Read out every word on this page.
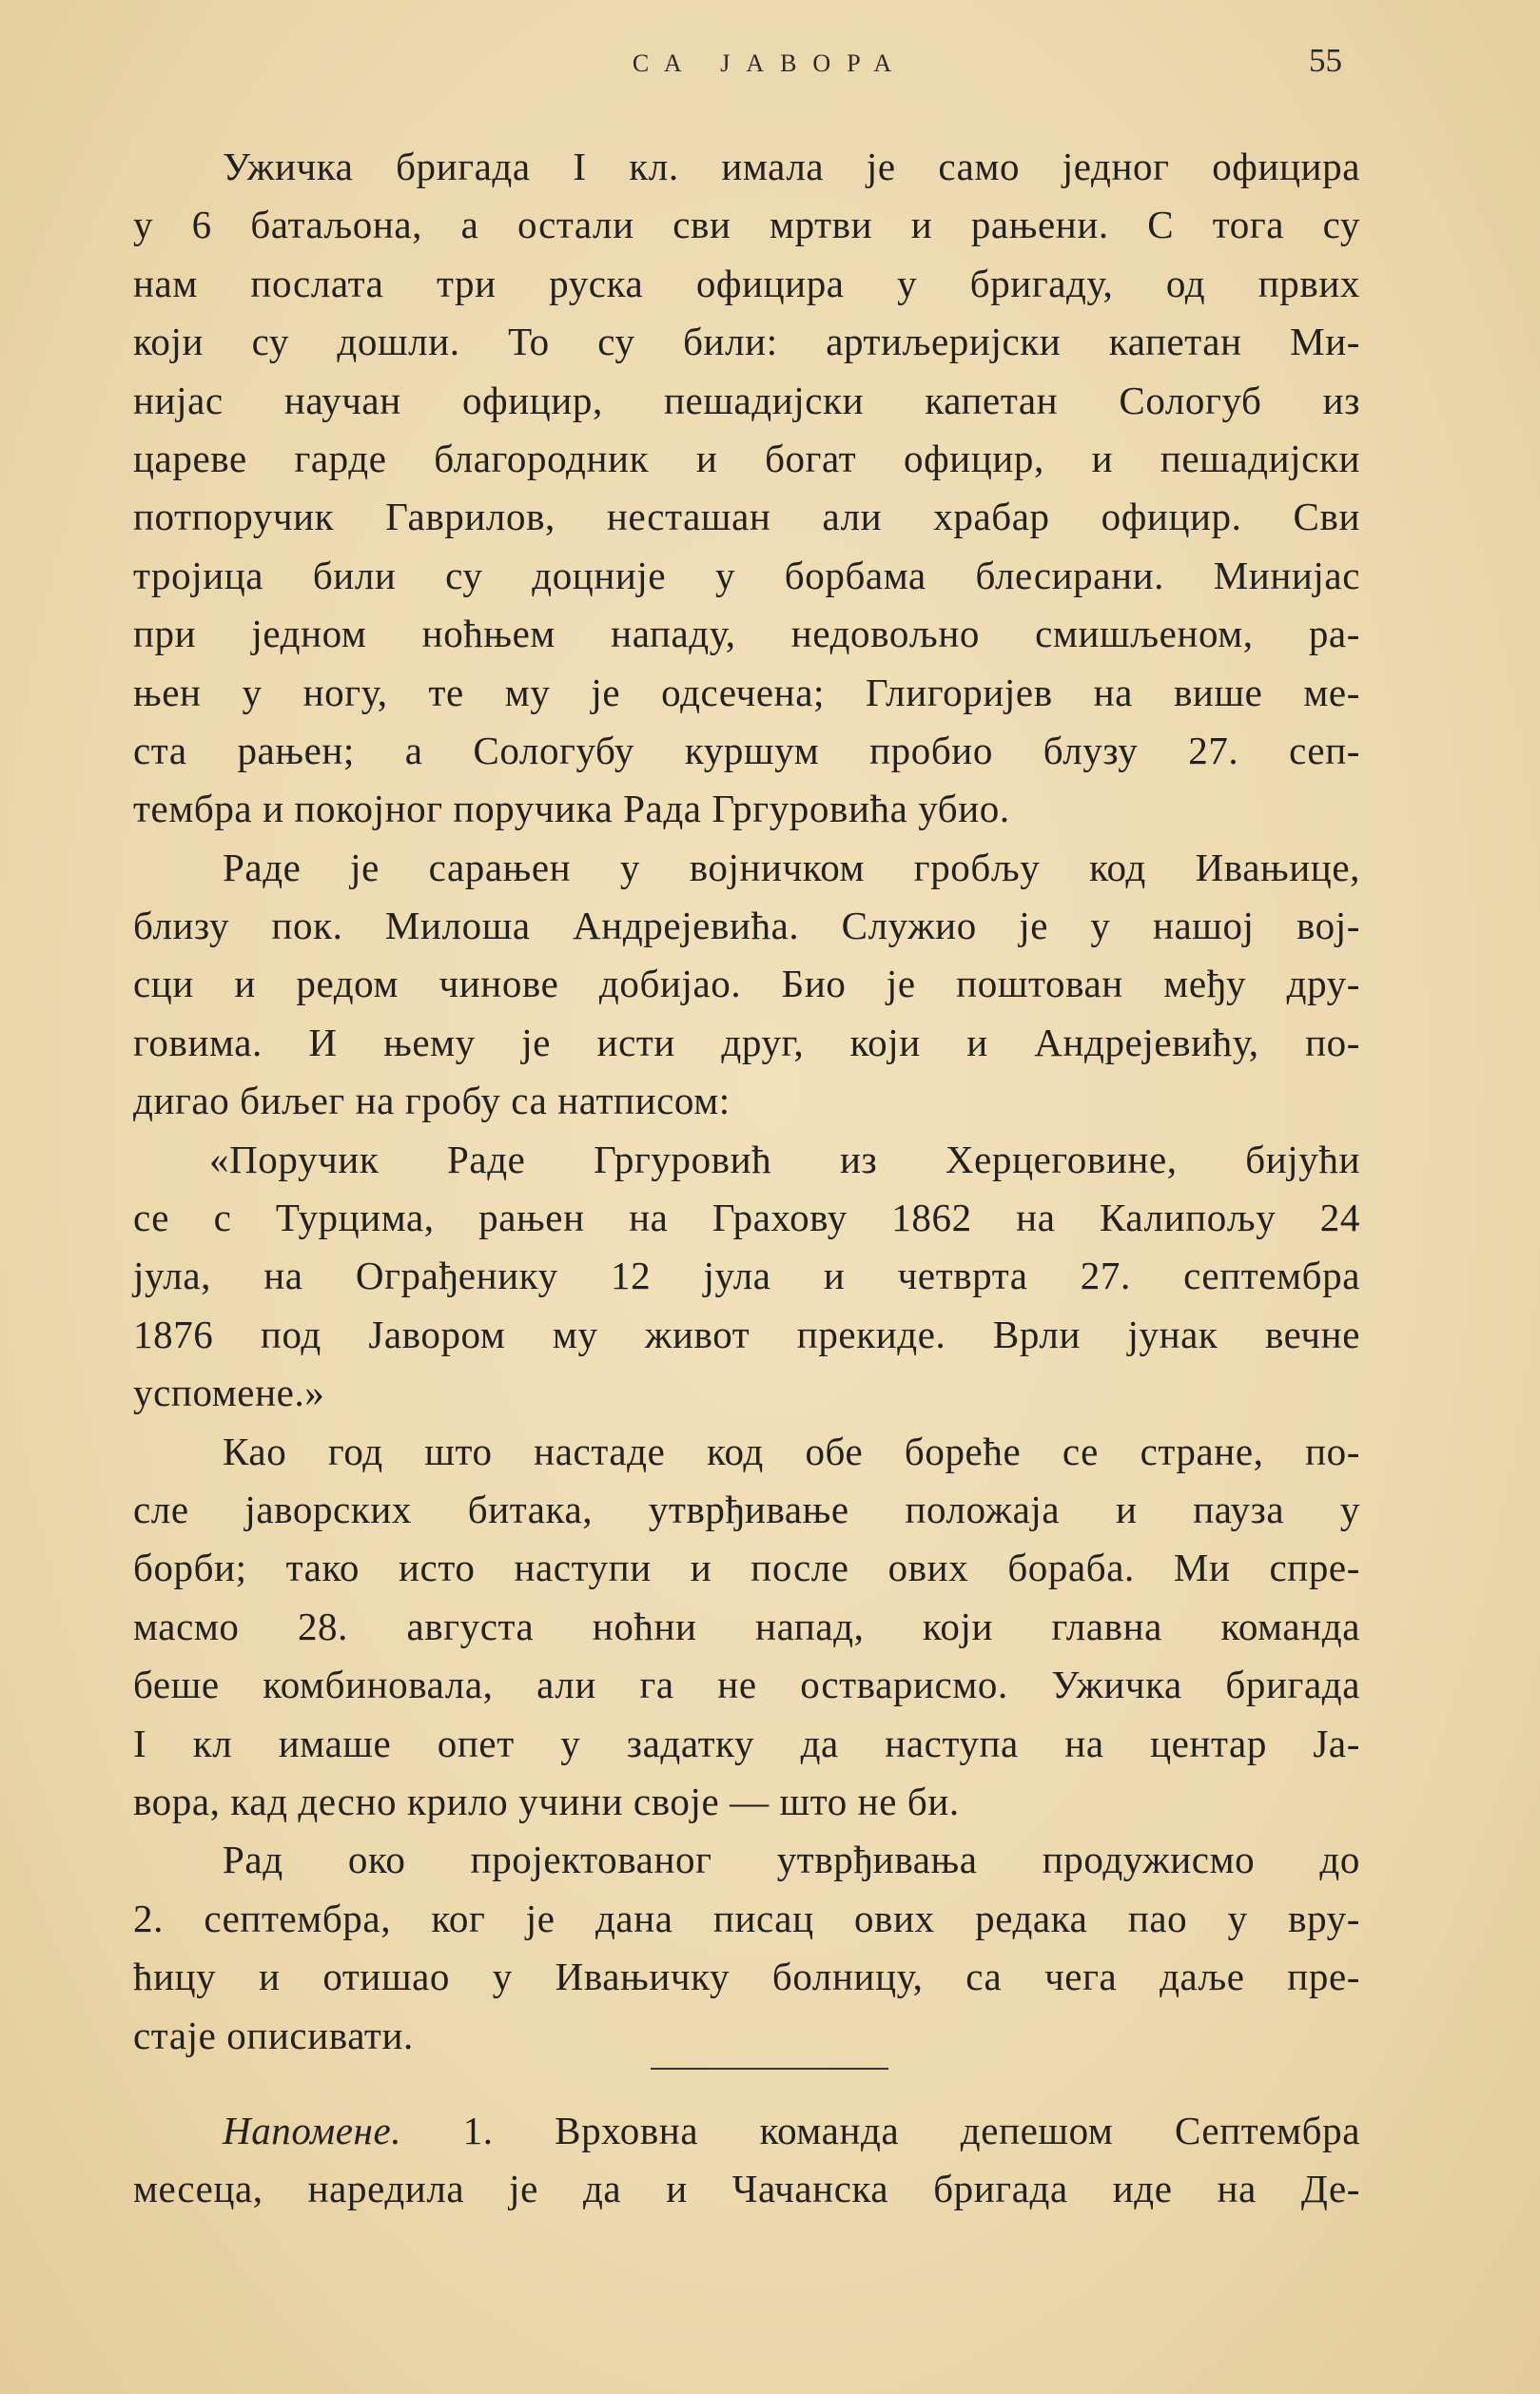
СА ЈАВОРА	55
Ужичка бригада I кл. имала је само једног официра
у 6 батаљона, а остали сви мртви и рањени. С тога су
нам послата три руска официра у бригаду, од првих
који су дошли. То су били: артиљеријски капетан Ми-
нијас научан официр, пешадијски капетан Сологуб из
цареве гарде благородник и богат официр, и пешадијски
потпоручик Гаврилов, несташан али храбар официр. Сви
тројица били су доцније у борбама блесирани. Минијас
при једном ноћњем нападу, недовољно смишљеном, ра-
њен у ногу, те му је одсечена; Глигоријев на више ме-
ста рањен; а Сологубу куршум пробио блузу 27. сеп-
тембра и покојног поручика Рада Гргуровића убио.
Раде је сарањен у војничком гробљу код Ивањице,
близу пок. Милоша Андрејевића. Служио је у нашој вој-
сци и редом чинове добијао. Био је поштован међу дру-
говима. И њему је исти друг, који и Андрејевићу, по-
дигао биљег на гробу са натписом:
«Поручик Раде Гргуровић из Херцеговине, бијући
се с Турцима, рањен на Грахову 1862 на Калипољу 24
јула, на Ограђенику 12 јула и четврта 27. септембра
1876 под Јавором му живот прекиде. Врли јунак вечне
успомене.»
Као год што настаде код обе бореће се стране, по-
сле јаворских битака, утврђивање положаја и пауза у
борби; тако исто наступи и после ових бораба. Ми спре-
масмо 28. августа ноћни напад, који главна команда
беше комбиновала, али га не остварисмо. Ужичка бригада
I кл имаше опет у задатку да наступа на центар Ја-
вора, кад десно крило учини своје — што не би.
Рад око пројектованог утврђивања продужисмо до
2. септембра, ког је дана писац ових редака пао у вру-
ћицу и отишао у Ивањичку болницу, са чега даље пре-
стаје описивати.
Напомене. 1. Врховна команда депешом Септембра
месеца, наредила је да и Чачанска бригада иде на Де-
